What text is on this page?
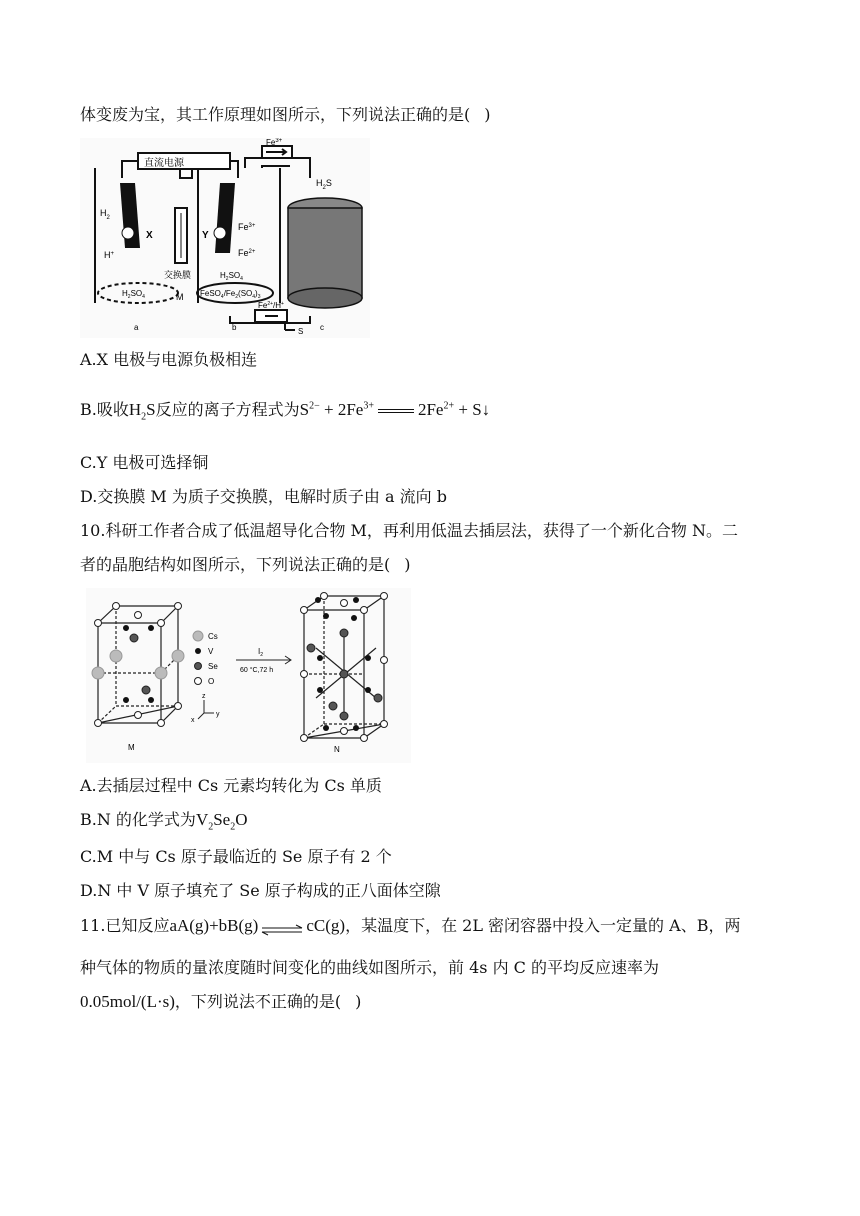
体变废为宝，其工作原理如图所示，下列说法正确的是( )
直流电源
$Fe^{3+}$
$H_2S$
$H_2$
H+
X	Y
$Fe^{3+}$
$Fe^{2+}$
交换膜
M
$H_2SO_4$
$H_2SO_4$
$FeSO_4/Fe_2(SO_4)_3$
$Fe^{2+}/H^+$
S
a	b	c
A.X 电极与电源负极相连
B.吸收$H_2S$反应的离子方程式为$S^{2-} + 2Fe^{3+}$	$2Fe^{2+}$ + S↓
C.Y 电极可选择铜
D.交换膜 M 为质子交换膜，电解时质子由 a 流向 b
10.科研工作者合成了低温超导化合物 M，再利用低温去插层法，获得了一个新化合物 N。二
者的晶胞结构如图所示，下列说法正确的是( )
Cs
V
Se
O
z
y
x
$I_2$
60 °C,72 h
M	N
A.去插层过程中 Cs 元素均转化为 Cs 单质
B.N 的化学式为$V_2Se_2O$
C.M 中与 Cs 原子最临近的 Se 原子有 2 个
D.N 中 V 原子填充了 Se 原子构成的正八面体空隙
11.已知反应aA(g)+bB(g) ⇌ cC(g)，某温度下，在 2L 密闭容器中投入一定量的 A、B，两
种气体的物质的量浓度随时间变化的曲线如图所示，前 4s 内 C 的平均反应速率为
0.05mol/(L·s)，下列说法不正确的是( )
